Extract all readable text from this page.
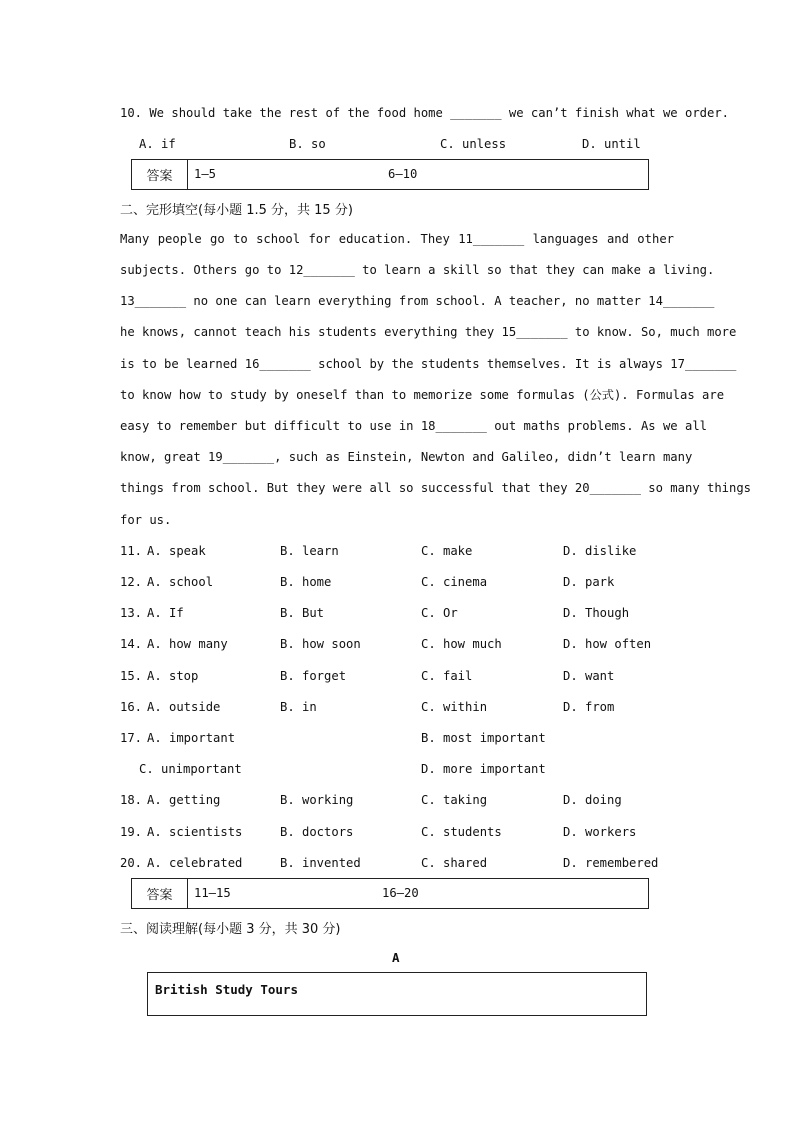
10. We should take the rest of the food home _______ we can’t finish what we order.
A. if	B. so	C. unless	D. until
答案	1—5	6—10
二、完形填空(每小题 1.5 分，共 15 分)
Many people go to school for education. They 11_______ languages and other
subjects. Others go to 12_______ to learn a skill so that they can make a living.
13_______ no one can learn everything from school. A teacher, no matter 14_______
he knows, cannot teach his students everything they 15_______ to know. So, much more
is to be learned 16_______ school by the students themselves. It is always 17_______
to know how to study by oneself than to memorize some formulas (公式). Formulas are
easy to remember but difficult to use in 18_______ out maths problems. As we all
know, great 19_______, such as Einstein, Newton and Galileo, didn’t learn many
things from school. But they were all so successful that they 20_______ so many things
for us.
11. A. speak	B. learn	C. make	D. dislike
12. A. school	B. home	C. cinema	D. park
13. A. If	B. But	C. Or	D. Though
14. A. how many	B. how soon	C. how much	D. how often
15. A. stop	B. forget	C. fail	D. want
16. A. outside	B. in	C. within	D. from
17. A. important	B. most important
C. unimportant	D. more important
18. A. getting	B. working	C. taking	D. doing
19. A. scientists	B. doctors	C. students	D. workers
20. A. celebrated	B. invented	C. shared	D. remembered
答案	11—15	16—20
三、阅读理解(每小题 3 分，共 30 分)
A
British Study Tours
